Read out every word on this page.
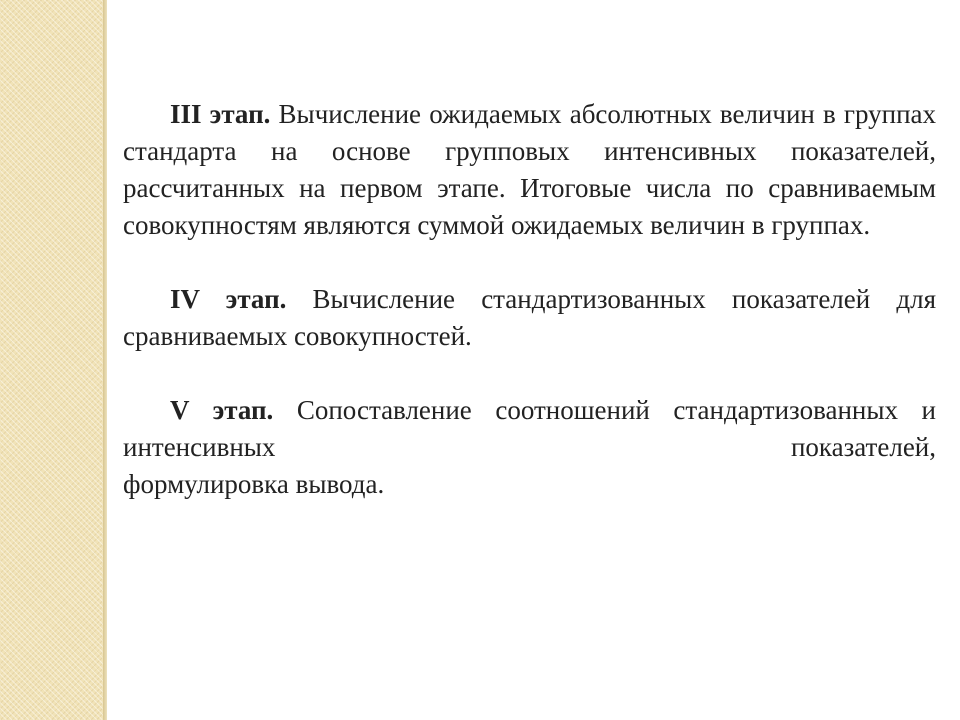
III этап. Вычисление ожидаемых абсолютных величин в группах стандарта на основе групповых интенсивных показателей, рассчитанных на первом этапе. Итоговые числа по сравниваемым совокупностям являются суммой ожидаемых величин в группах.

IV этап. Вычисление стандартизованных показателей для сравниваемых совокупностей.

V этап. Сопоставление соотношений стандартизованных и интенсивных показателей,
формулировка вывода.
